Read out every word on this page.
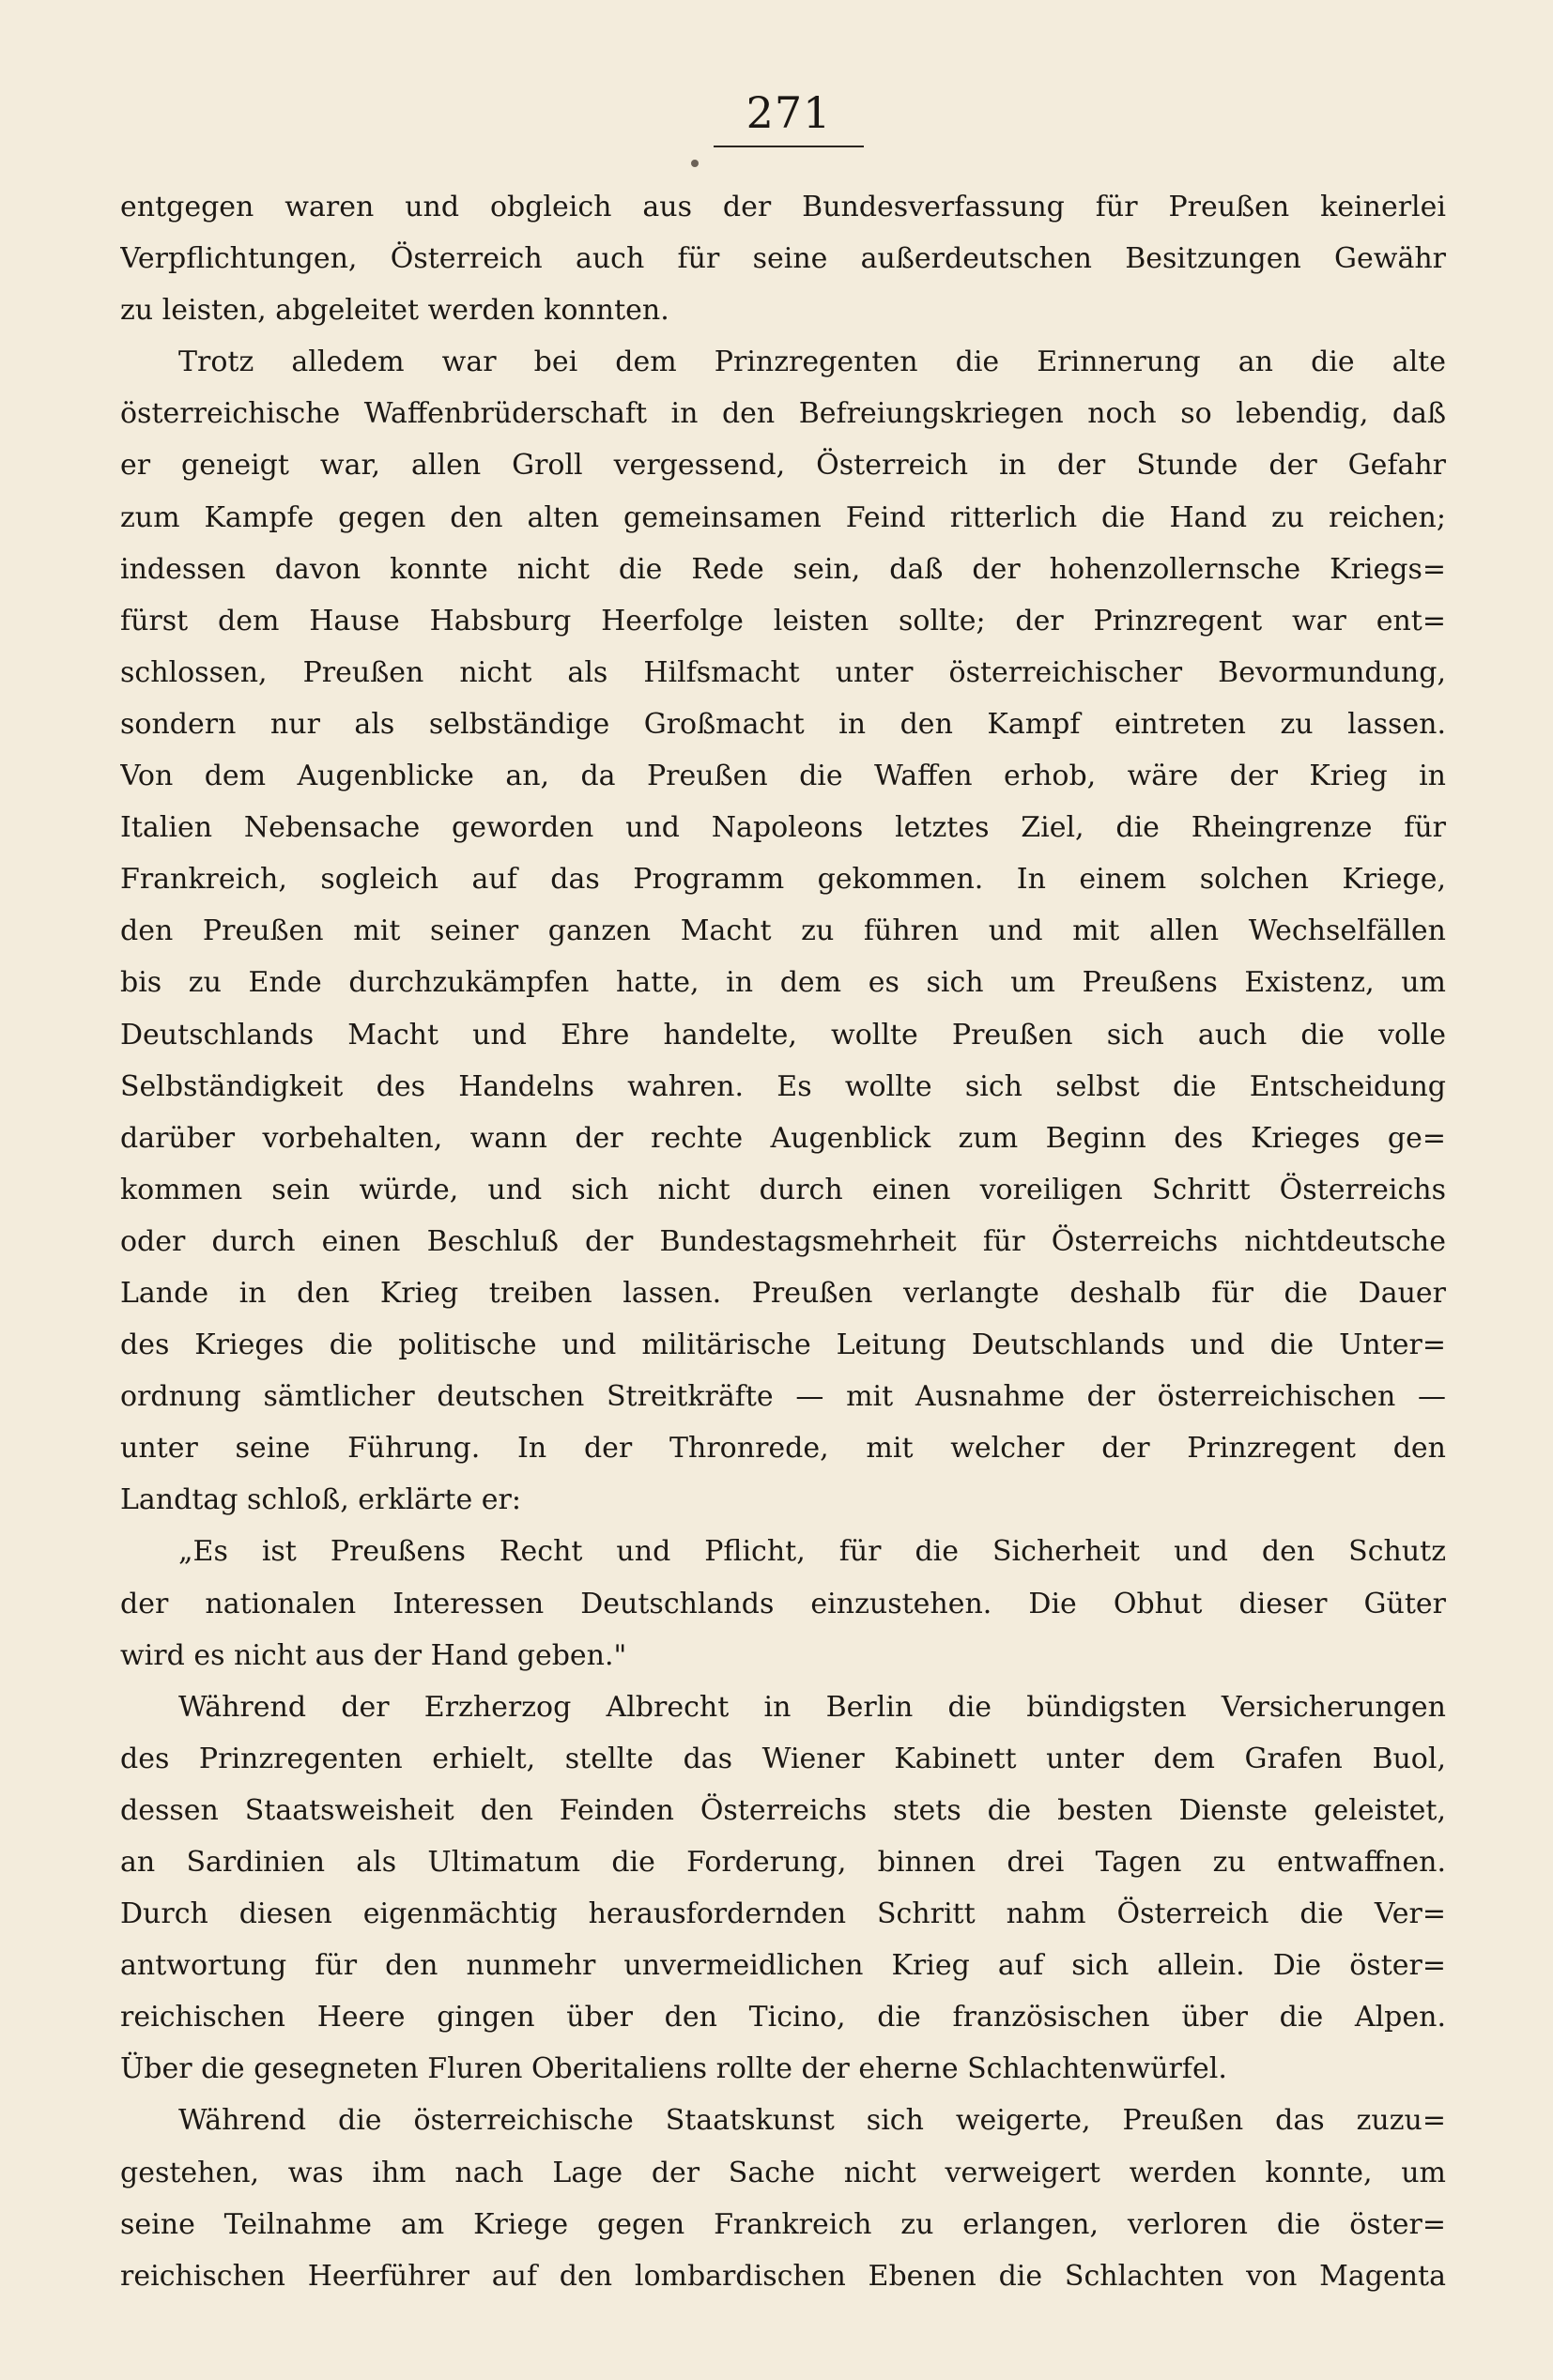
271
entgegen waren und obgleich aus der Bundesverfassung für Preußen keinerlei
Verpflichtungen, Österreich auch für seine außerdeutschen Besitzungen Gewähr
zu leisten, abgeleitet werden konnten.
Trotz alledem war bei dem Prinzregenten die Erinnerung an die alte
österreichische Waffenbrüderschaft in den Befreiungskriegen noch so lebendig, daß
er geneigt war, allen Groll vergessend, Österreich in der Stunde der Gefahr
zum Kampfe gegen den alten gemeinsamen Feind ritterlich die Hand zu reichen;
indessen davon konnte nicht die Rede sein, daß der hohenzollernsche Kriegs=
fürst dem Hause Habsburg Heerfolge leisten sollte; der Prinzregent war ent=
schlossen, Preußen nicht als Hilfsmacht unter österreichischer Bevormundung,
sondern nur als selbständige Großmacht in den Kampf eintreten zu lassen.
Von dem Augenblicke an, da Preußen die Waffen erhob, wäre der Krieg in
Italien Nebensache geworden und Napoleons letztes Ziel, die Rheingrenze für
Frankreich, sogleich auf das Programm gekommen. In einem solchen Kriege,
den Preußen mit seiner ganzen Macht zu führen und mit allen Wechselfällen
bis zu Ende durchzukämpfen hatte, in dem es sich um Preußens Existenz, um
Deutschlands Macht und Ehre handelte, wollte Preußen sich auch die volle
Selbständigkeit des Handelns wahren. Es wollte sich selbst die Entscheidung
darüber vorbehalten, wann der rechte Augenblick zum Beginn des Krieges ge=
kommen sein würde, und sich nicht durch einen voreiligen Schritt Österreichs
oder durch einen Beschluß der Bundestagsmehrheit für Österreichs nichtdeutsche
Lande in den Krieg treiben lassen. Preußen verlangte deshalb für die Dauer
des Krieges die politische und militärische Leitung Deutschlands und die Unter=
ordnung sämtlicher deutschen Streitkräfte — mit Ausnahme der österreichischen —
unter seine Führung. In der Thronrede, mit welcher der Prinzregent den
Landtag schloß, erklärte er:
„Es ist Preußens Recht und Pflicht, für die Sicherheit und den Schutz
der nationalen Interessen Deutschlands einzustehen. Die Obhut dieser Güter
wird es nicht aus der Hand geben."
Während der Erzherzog Albrecht in Berlin die bündigsten Versicherungen
des Prinzregenten erhielt, stellte das Wiener Kabinett unter dem Grafen Buol,
dessen Staatsweisheit den Feinden Österreichs stets die besten Dienste geleistet,
an Sardinien als Ultimatum die Forderung, binnen drei Tagen zu entwaffnen.
Durch diesen eigenmächtig herausfordernden Schritt nahm Österreich die Ver=
antwortung für den nunmehr unvermeidlichen Krieg auf sich allein. Die öster=
reichischen Heere gingen über den Ticino, die französischen über die Alpen.
Über die gesegneten Fluren Oberitaliens rollte der eherne Schlachtenwürfel.
Während die österreichische Staatskunst sich weigerte, Preußen das zuzu=
gestehen, was ihm nach Lage der Sache nicht verweigert werden konnte, um
seine Teilnahme am Kriege gegen Frankreich zu erlangen, verloren die öster=
reichischen Heerführer auf den lombardischen Ebenen die Schlachten von Magenta
